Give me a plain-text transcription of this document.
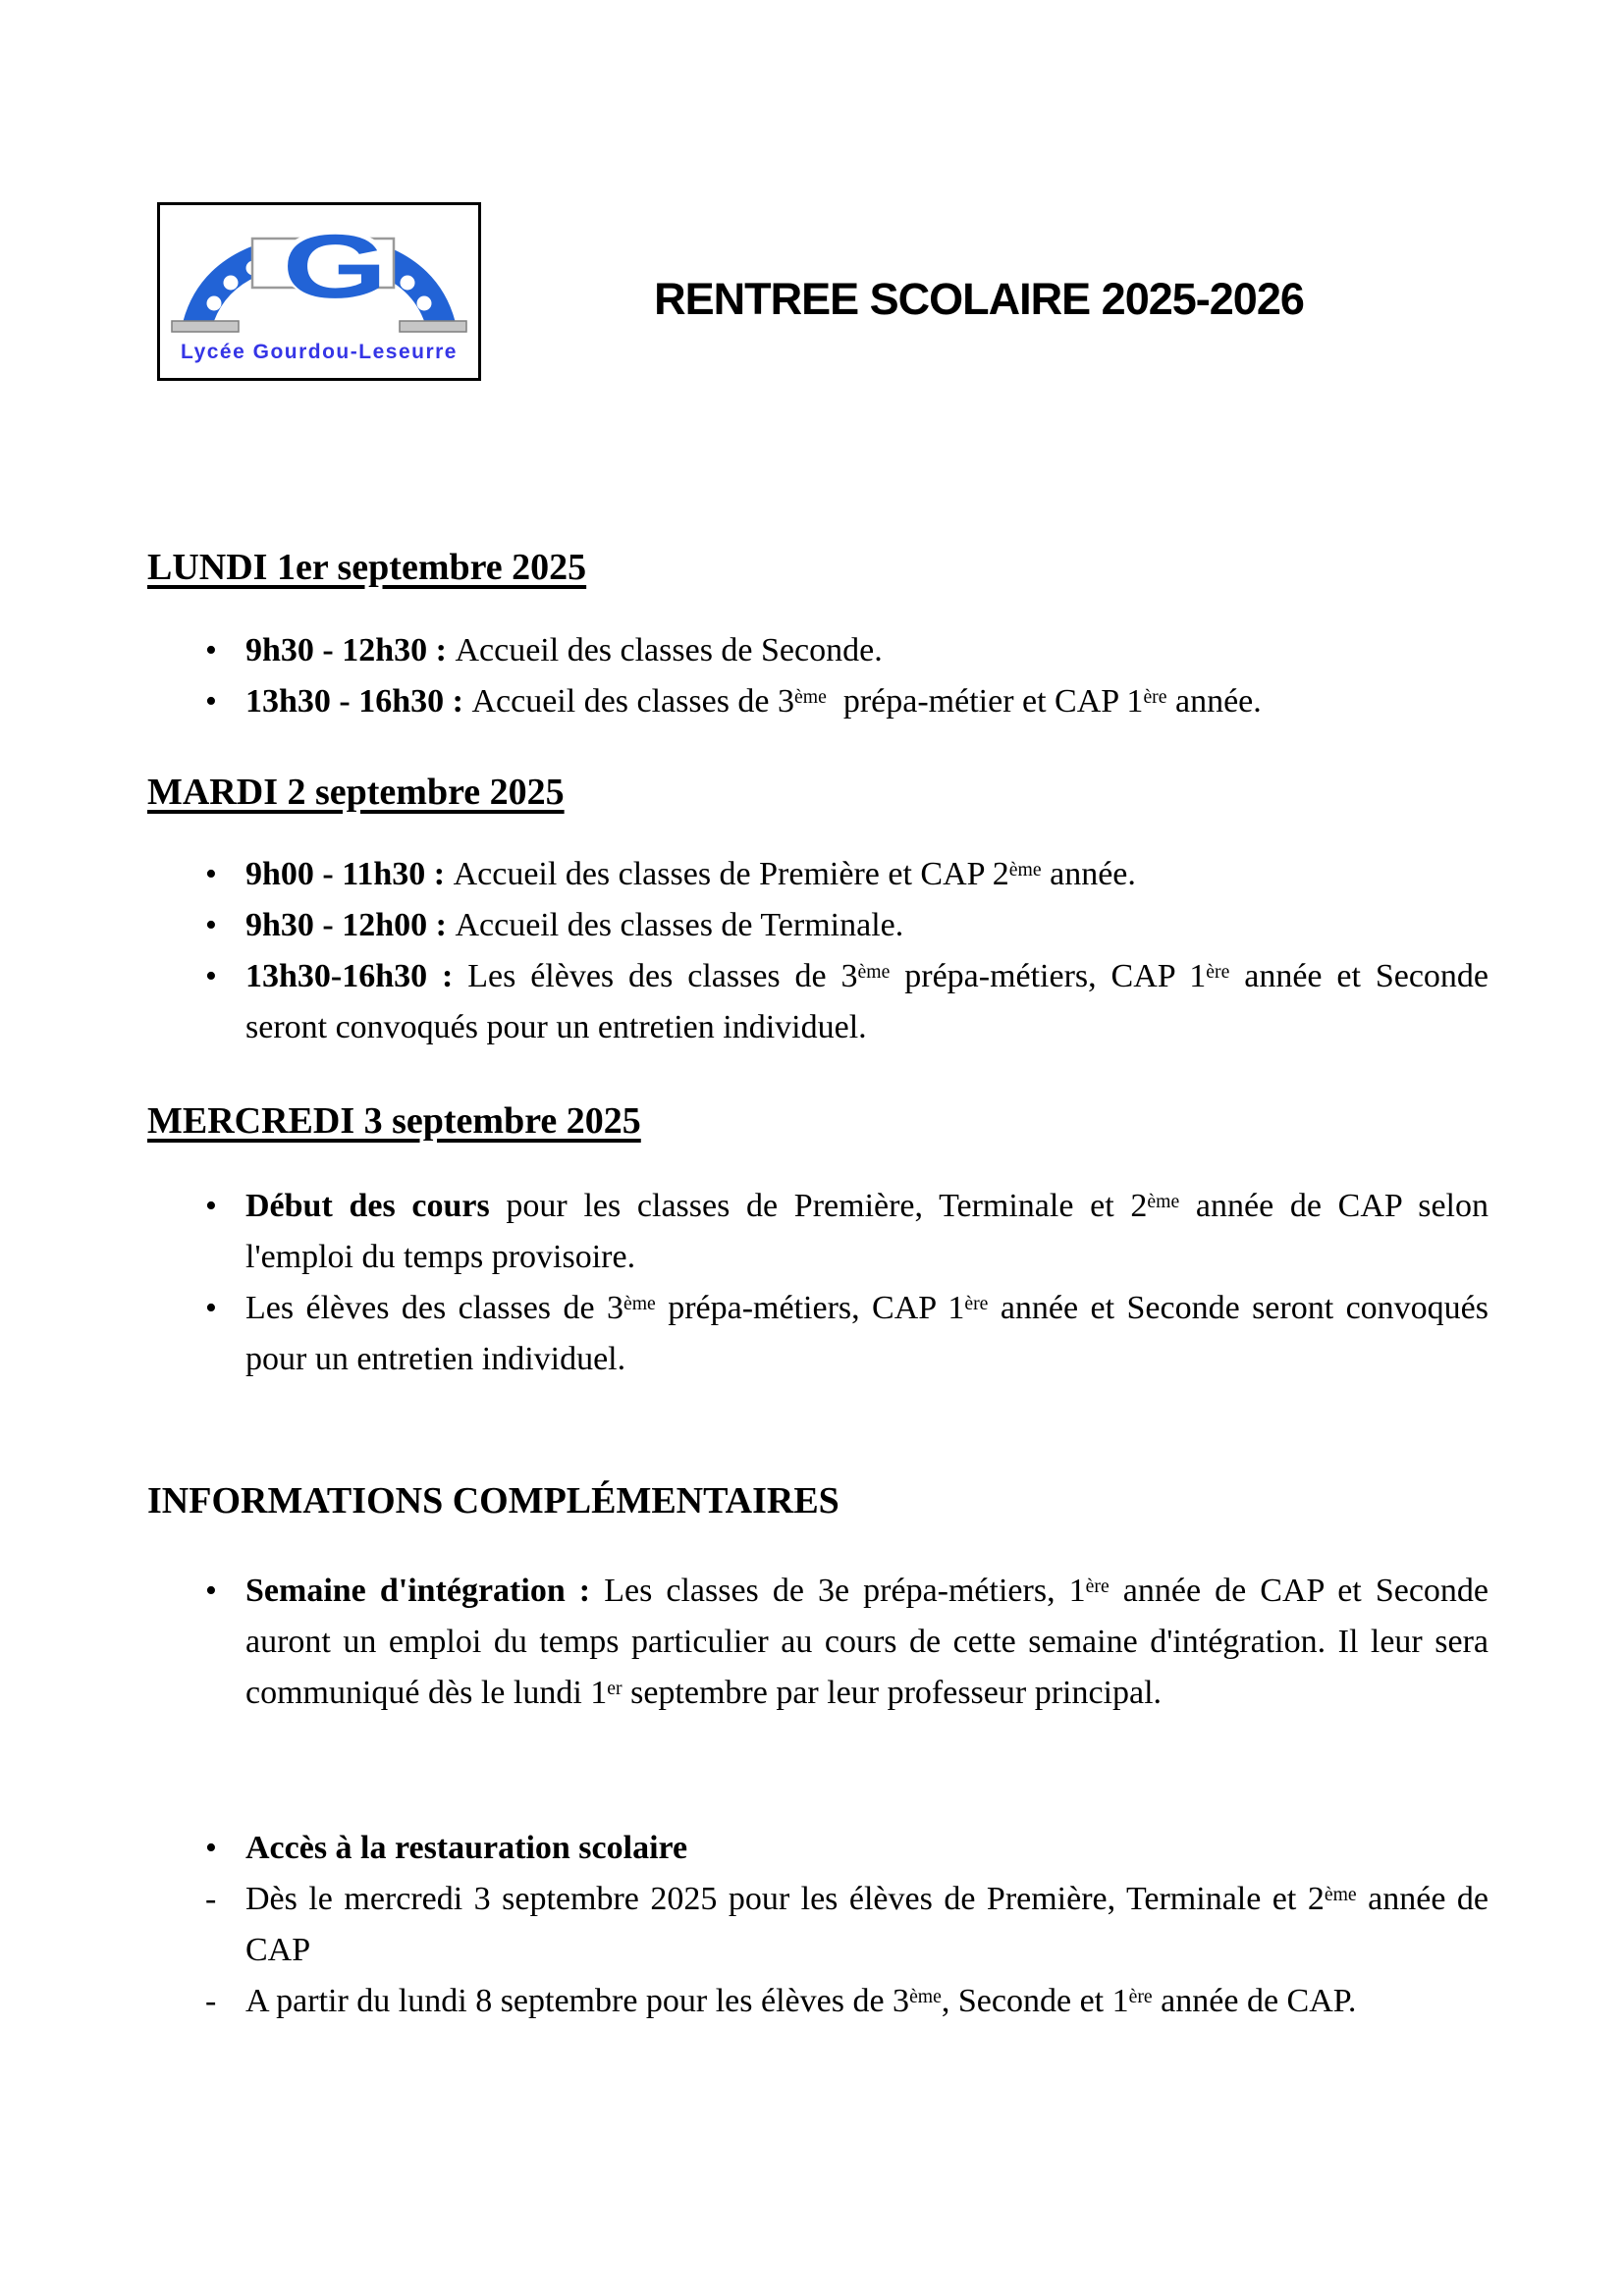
G
Lycée Gourdou-Leseurre
RENTREE SCOLAIRE 2025-2026
LUNDI 1er septembre 2025
• 9h30 - 12h30 : Accueil des classes de Seconde.
• 13h30 - 16h30 : Accueil des classes de 3ème  prépa-métier et CAP 1ère année.
MARDI 2 septembre 2025
• 9h00 - 11h30 : Accueil des classes de Première et CAP 2ème année.
• 9h30 - 12h00 : Accueil des classes de Terminale.
• 13h30-16h30 : Les élèves des classes de 3ème prépa-métiers, CAP 1ère année et Seconde seront convoqués pour un entretien individuel.
MERCREDI 3 septembre 2025
• Début des cours pour les classes de Première, Terminale et 2ème année de CAP selon l'emploi du temps provisoire.
• Les élèves des classes de 3ème prépa-métiers, CAP 1ère année et Seconde seront convoqués pour un entretien individuel.
INFORMATIONS COMPLÉMENTAIRES
• Semaine d'intégration : Les classes de 3e prépa-métiers, 1ère année de CAP et Seconde auront un emploi du temps particulier au cours de cette semaine d'intégration. Il leur sera communiqué dès le lundi 1er septembre par leur professeur principal.
• Accès à la restauration scolaire
- Dès le mercredi 3 septembre 2025 pour les élèves de Première, Terminale et 2ème année de CAP
- A partir du lundi 8 septembre pour les élèves de 3ème, Seconde et 1ère année de CAP.
